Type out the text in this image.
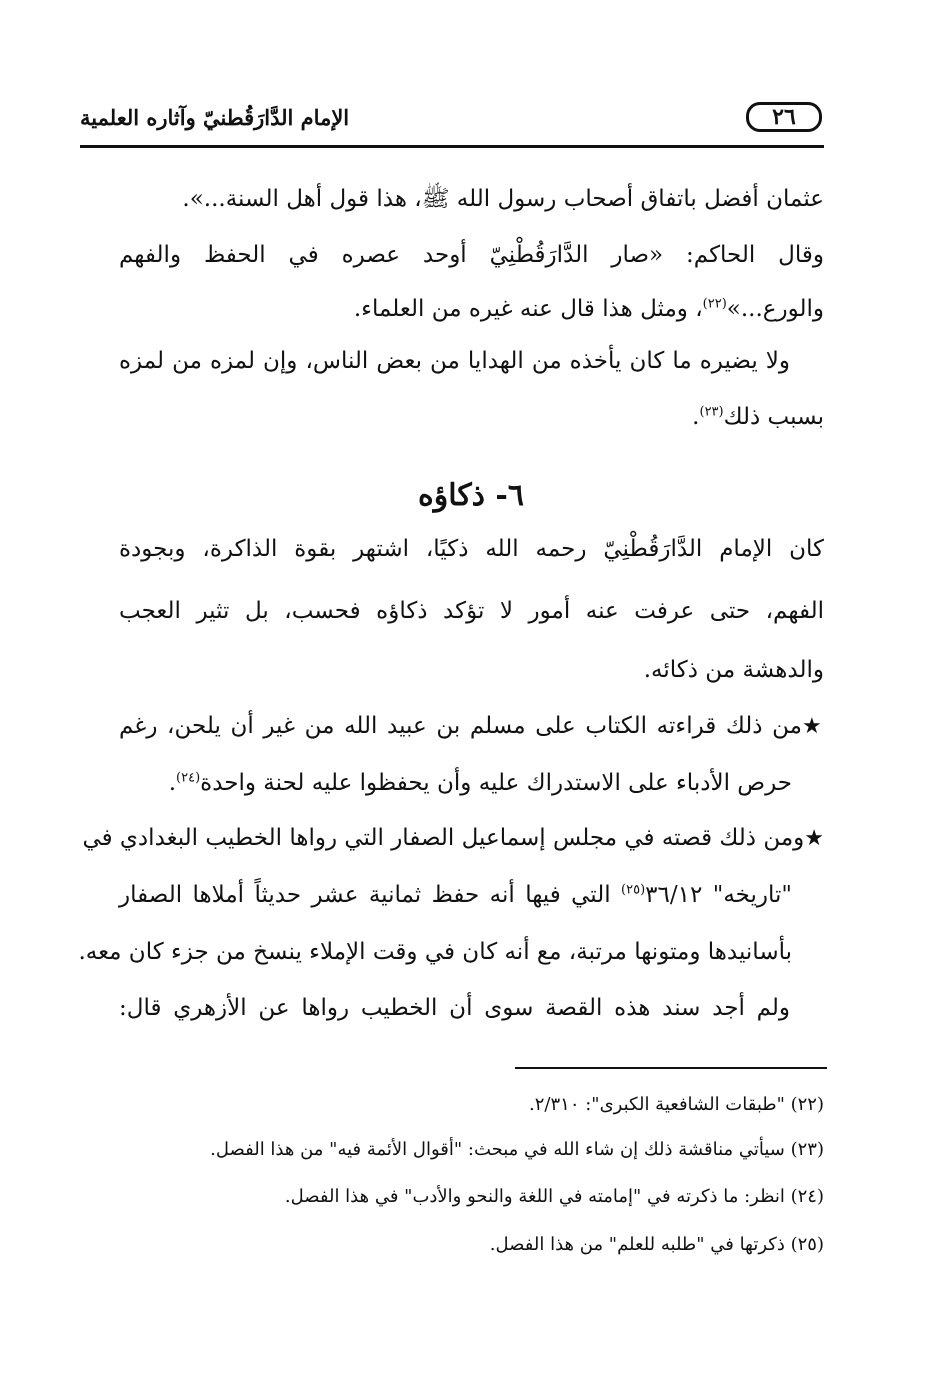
٢٦
الإمام الدَّارَقُطنيّ وآثاره العلمية
عثمان أفضل باتفاق أصحاب رسول الله ﷺ، هذا قول أهل السنة...».
وقال الحاكم: «صار الدَّارَقُطْنِيّ أوحد عصره في الحفظ والفهم
والورع...»$^{(٢٢)}$، ومثل هذا قال عنه غيره من العلماء.
ولا يضيره ما كان يأخذه من الهدايا من بعض الناس، وإن لمزه من لمزه
بسبب ذلك$^{(٢٣)}$.
٦- ذكاؤه
كان الإمام الدَّارَقُطْنِيّ رحمه الله ذكيًا، اشتهر بقوة الذاكرة، وبجودة
الفهم، حتى عرفت عنه أمور لا تؤكد ذكاؤه فحسب، بل تثير العجب
والدهشة من ذكائه.
★من ذلك قراءته الكتاب على مسلم بن عبيد الله من غير أن يلحن، رغم
حرص الأدباء على الاستدراك عليه وأن يحفظوا عليه لحنة واحدة$^{(٢٤)}$.
★ومن ذلك قصته في مجلس إسماعيل الصفار التي رواها الخطيب البغدادي في
"تاريخه" ٣٦/١٢$^{(٢٥)}$ التي فيها أنه حفظ ثمانية عشر حديثاً أملاها الصفار
بأسانيدها ومتونها مرتبة، مع أنه كان في وقت الإملاء ينسخ من جزء كان معه.
ولم أجد سند هذه القصة سوى أن الخطيب رواها عن الأزهري قال:
(٢٢) "طبقات الشافعية الكبرى": ٢/٣١٠.
(٢٣) سيأتي مناقشة ذلك إن شاء الله في مبحث: "أقوال الأئمة فيه" من هذا الفصل.
(٢٤) انظر: ما ذكرته في "إمامته في اللغة والنحو والأدب" في هذا الفصل.
(٢٥) ذكرتها في "طلبه للعلم" من هذا الفصل.
